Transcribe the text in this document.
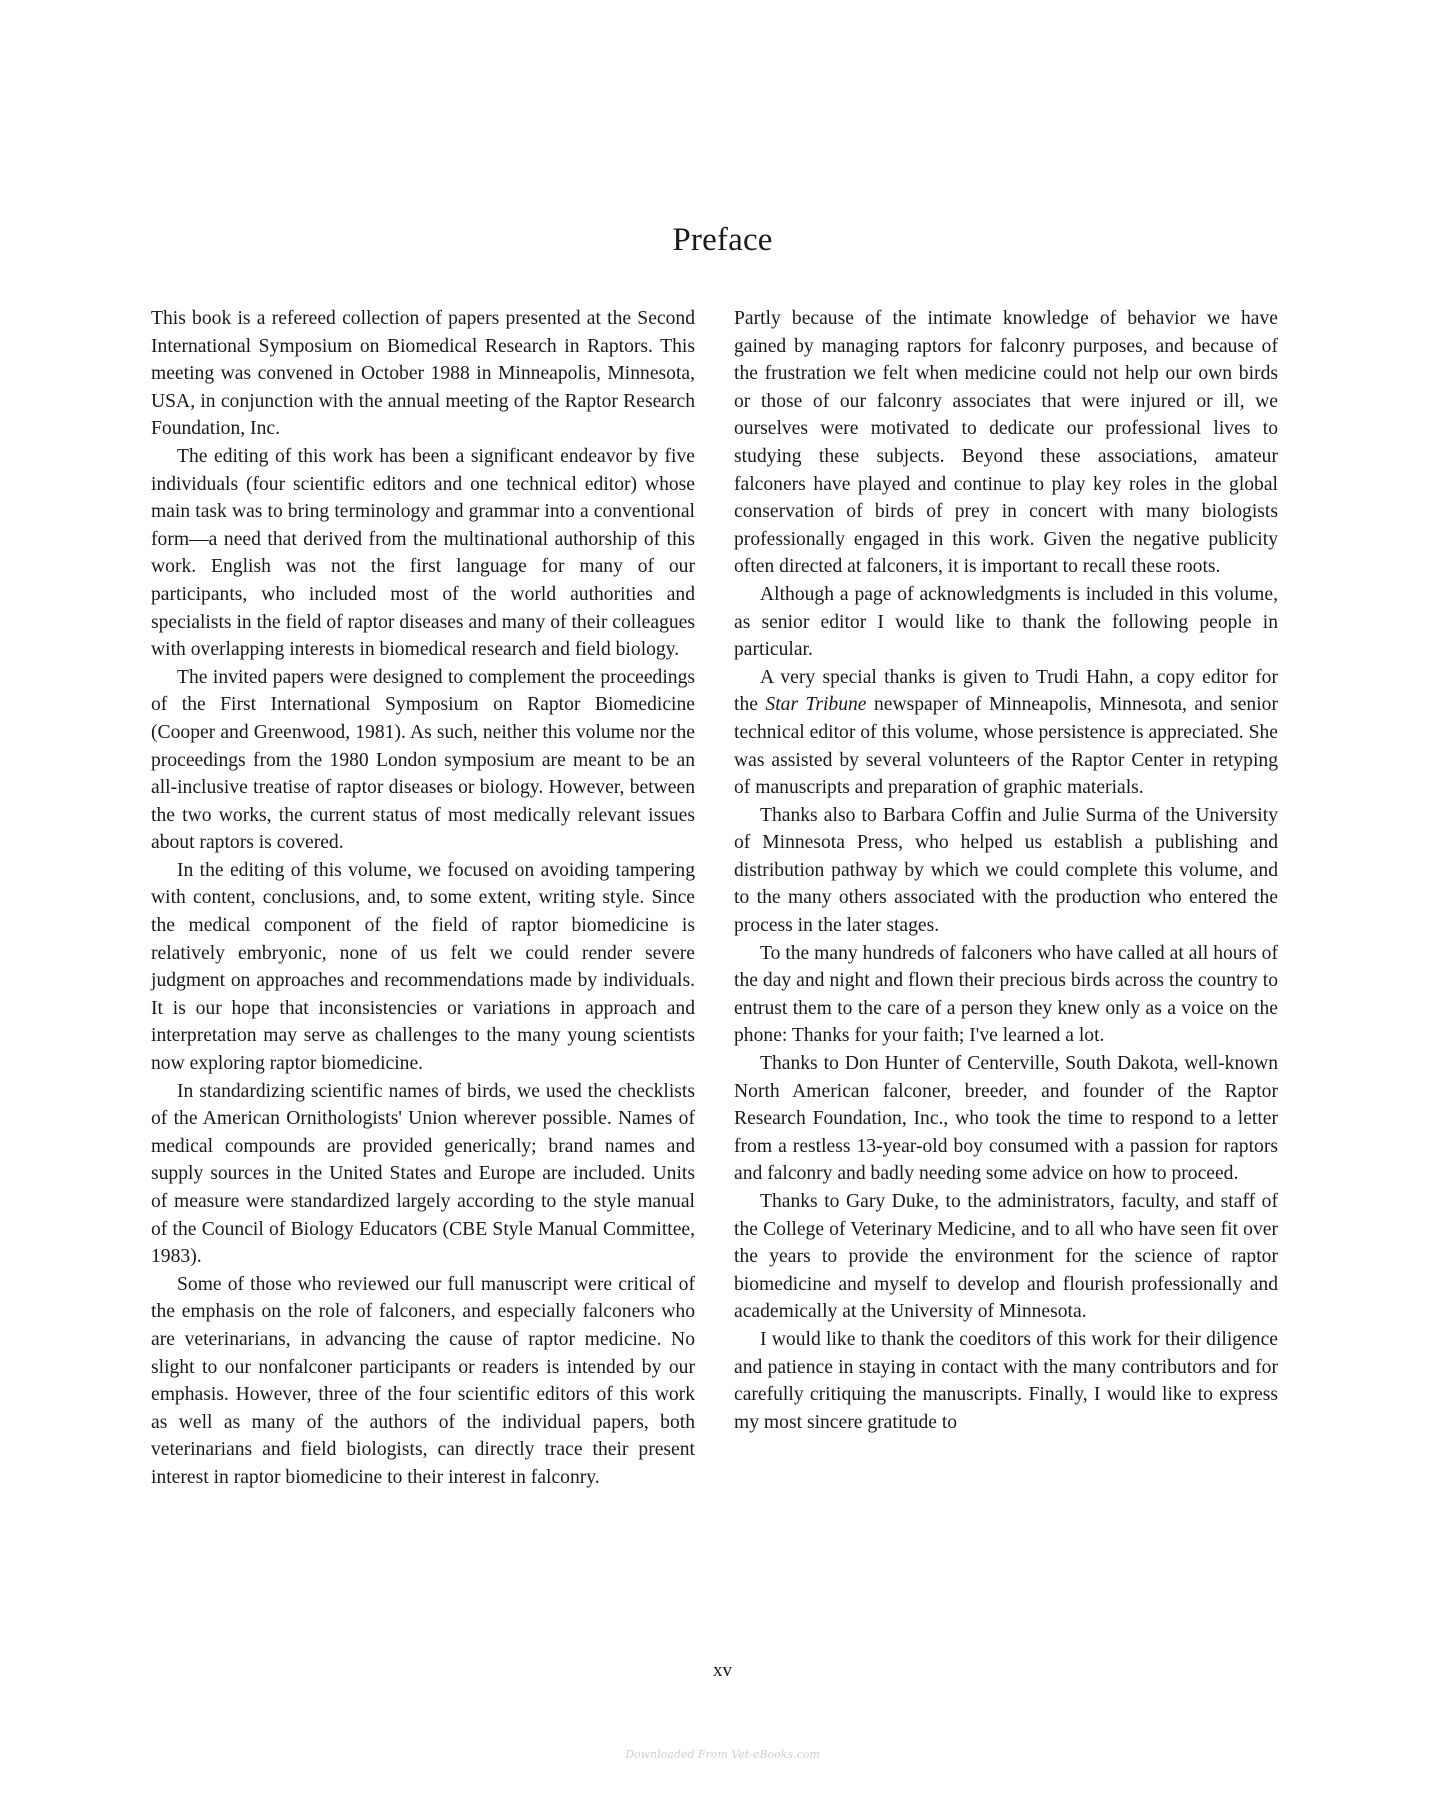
Preface

This book is a refereed collection of papers presented at the Second International Symposium on Biomedical Research in Raptors. This meeting was convened in October 1988 in Minneapolis, Minnesota, USA, in conjunction with the annual meeting of the Raptor Research Foundation, Inc.

The editing of this work has been a significant endeavor by five individuals (four scientific editors and one technical editor) whose main task was to bring terminology and grammar into a conventional form—a need that derived from the multinational authorship of this work. English was not the first language for many of our participants, who included most of the world authorities and specialists in the field of raptor diseases and many of their colleagues with overlapping interests in biomedical research and field biology.

The invited papers were designed to complement the proceedings of the First International Symposium on Raptor Biomedicine (Cooper and Greenwood, 1981). As such, neither this volume nor the proceedings from the 1980 London symposium are meant to be an all-inclusive treatise of raptor diseases or biology. However, between the two works, the current status of most medically relevant issues about raptors is covered.

In the editing of this volume, we focused on avoiding tampering with content, conclusions, and, to some extent, writing style. Since the medical component of the field of raptor biomedicine is relatively embryonic, none of us felt we could render severe judgment on approaches and recommendations made by individuals. It is our hope that inconsistencies or variations in approach and interpretation may serve as challenges to the many young scientists now exploring raptor biomedicine.

In standardizing scientific names of birds, we used the checklists of the American Ornithologists' Union wherever possible. Names of medical compounds are provided generically; brand names and supply sources in the United States and Europe are included. Units of measure were standardized largely according to the style manual of the Council of Biology Educators (CBE Style Manual Committee, 1983).

Some of those who reviewed our full manuscript were critical of the emphasis on the role of falconers, and especially falconers who are veterinarians, in advancing the cause of raptor medicine. No slight to our nonfalconer participants or readers is intended by our emphasis. However, three of the four scientific editors of this work as well as many of the authors of the individual papers, both veterinarians and field biologists, can directly trace their present interest in raptor biomedicine to their interest in falconry.

Partly because of the intimate knowledge of behavior we have gained by managing raptors for falconry purposes, and because of the frustration we felt when medicine could not help our own birds or those of our falconry associates that were injured or ill, we ourselves were motivated to dedicate our professional lives to studying these subjects. Beyond these associations, amateur falconers have played and continue to play key roles in the global conservation of birds of prey in concert with many biologists professionally engaged in this work. Given the negative publicity often directed at falconers, it is important to recall these roots.

Although a page of acknowledgments is included in this volume, as senior editor I would like to thank the following people in particular.

A very special thanks is given to Trudi Hahn, a copy editor for the Star Tribune newspaper of Minneapolis, Minnesota, and senior technical editor of this volume, whose persistence is appreciated. She was assisted by several volunteers of the Raptor Center in retyping of manuscripts and preparation of graphic materials.

Thanks also to Barbara Coffin and Julie Surma of the University of Minnesota Press, who helped us establish a publishing and distribution pathway by which we could complete this volume, and to the many others associated with the production who entered the process in the later stages.

To the many hundreds of falconers who have called at all hours of the day and night and flown their precious birds across the country to entrust them to the care of a person they knew only as a voice on the phone: Thanks for your faith; I've learned a lot.

Thanks to Don Hunter of Centerville, South Dakota, well-known North American falconer, breeder, and founder of the Raptor Research Foundation, Inc., who took the time to respond to a letter from a restless 13-year-old boy consumed with a passion for raptors and falconry and badly needing some advice on how to proceed.

Thanks to Gary Duke, to the administrators, faculty, and staff of the College of Veterinary Medicine, and to all who have seen fit over the years to provide the environment for the science of raptor biomedicine and myself to develop and flourish professionally and academically at the University of Minnesota.

I would like to thank the coeditors of this work for their diligence and patience in staying in contact with the many contributors and for carefully critiquing the manuscripts. Finally, I would like to express my most sincere gratitude to

xv
Downloaded From Vet-eBooks.com
